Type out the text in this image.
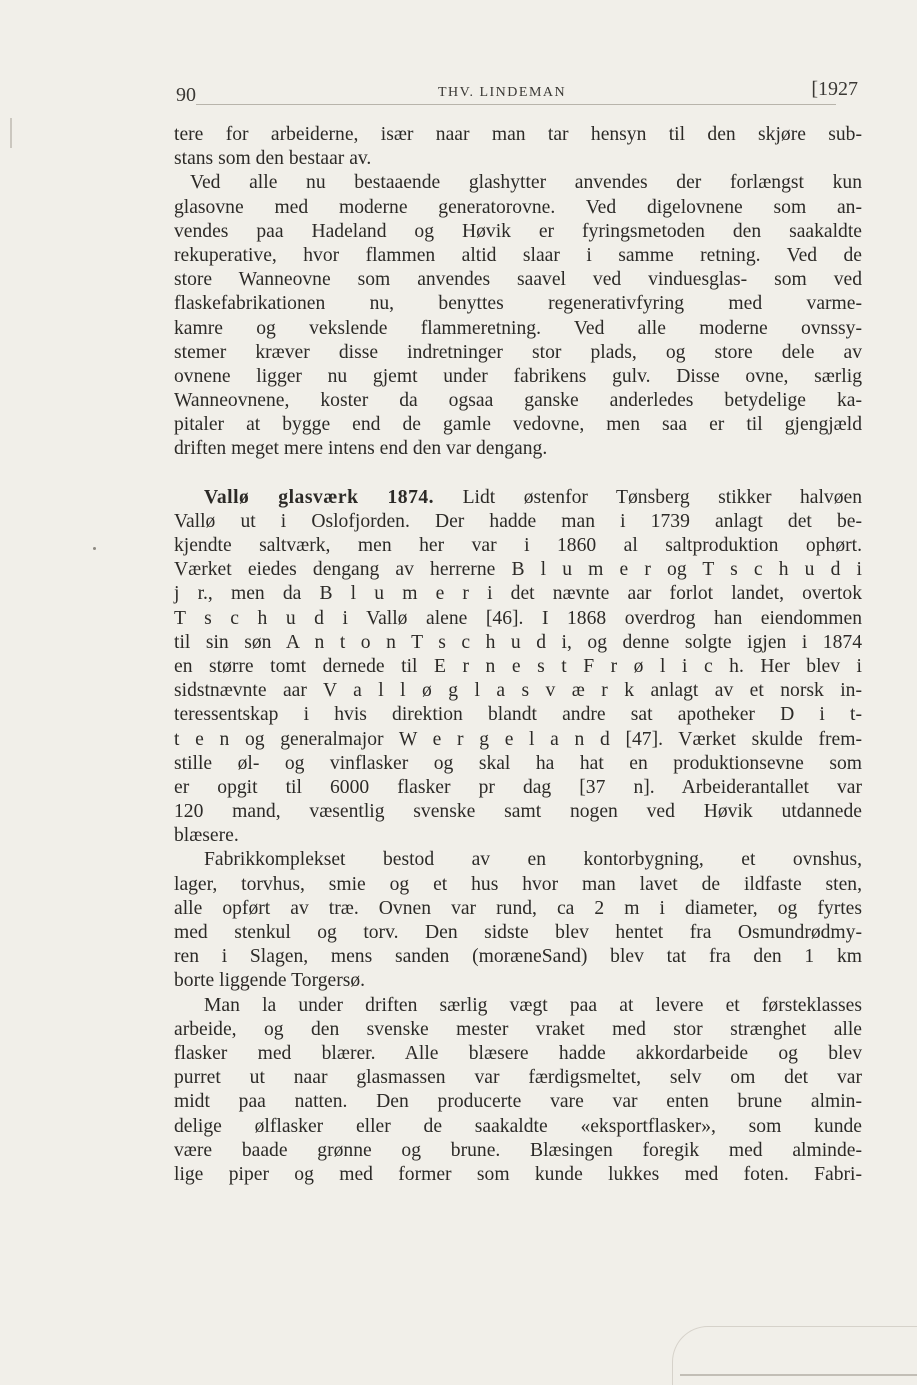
90	THV. LINDEMAN	[1927
tere for arbeiderne, især naar man tar hensyn til den skjøre sub-
stans som den bestaar av.
Ved alle nu bestaaende glashytter anvendes der forlængst kun
glasovne med moderne generatorovne. Ved digelovnene som an-
vendes paa Hadeland og Høvik er fyringsmetoden den saakaldte
rekuperative, hvor flammen altid slaar i samme retning. Ved de
store Wanneovne som anvendes saavel ved vinduesglas- som ved
flaskefabrikationen nu, benyttes regenerativfyring med varme-
kamre og vekslende flammeretning. Ved alle moderne ovnssy-
stemer kræver disse indretninger stor plads, og store dele av
ovnene ligger nu gjemt under fabrikens gulv. Disse ovne, særlig
Wanneovnene, koster da ogsaa ganske anderledes betydelige ka-
pitaler at bygge end de gamle vedovne, men saa er til gjengjæld
driften meget mere intens end den var dengang.
Vallø glasværk 1874. Lidt østenfor Tønsberg stikker halvøen
Vallø ut i Oslofjorden. Der hadde man i 1739 anlagt det be-
kjendte saltværk, men her var i 1860 al saltproduktion ophørt.
Værket eiedes dengang av herrerne B l u m e r og T s c h u d i
j r., men da B l u m e r i det nævnte aar forlot landet, overtok
T s c h u d i Vallø alene [46]. I 1868 overdrog han eiendommen
til sin søn A n t o n T s c h u d i, og denne solgte igjen i 1874
en større tomt dernede til E r n e s t F r ø l i c h. Her blev i
sidstnævnte aar V a l l ø g l a s v æ r k anlagt av et norsk in-
teressentskap i hvis direktion blandt andre sat apotheker D i t-
t e n og generalmajor W e r g e l a n d [47]. Værket skulde frem-
stille øl- og vinflasker og skal ha hat en produktionsevne som
er opgit til 6000 flasker pr dag [37 n]. Arbeiderantallet var
120 mand, væsentlig svenske samt nogen ved Høvik utdannede
blæsere.
Fabrikkomplekset bestod av en kontorbygning, et ovnshus,
lager, torvhus, smie og et hus hvor man lavet de ildfaste sten,
alle opført av træ. Ovnen var rund, ca 2 m i diameter, og fyrtes
med stenkul og torv. Den sidste blev hentet fra Osmundrødmy-
ren i Slagen, mens sanden (moræneSand) blev tat fra den 1 km
borte liggende Torgersø.
Man la under driften særlig vægt paa at levere et førsteklasses
arbeide, og den svenske mester vraket med stor strænghet alle
flasker med blærer. Alle blæsere hadde akkordarbeide og blev
purret ut naar glasmassen var færdigsmeltet, selv om det var
midt paa natten. Den producerte vare var enten brune almin-
delige ølflasker eller de saakaldte «eksportflasker», som kunde
være baade grønne og brune. Blæsingen foregik med alminde-
lige piper og med former som kunde lukkes med foten. Fabri-
